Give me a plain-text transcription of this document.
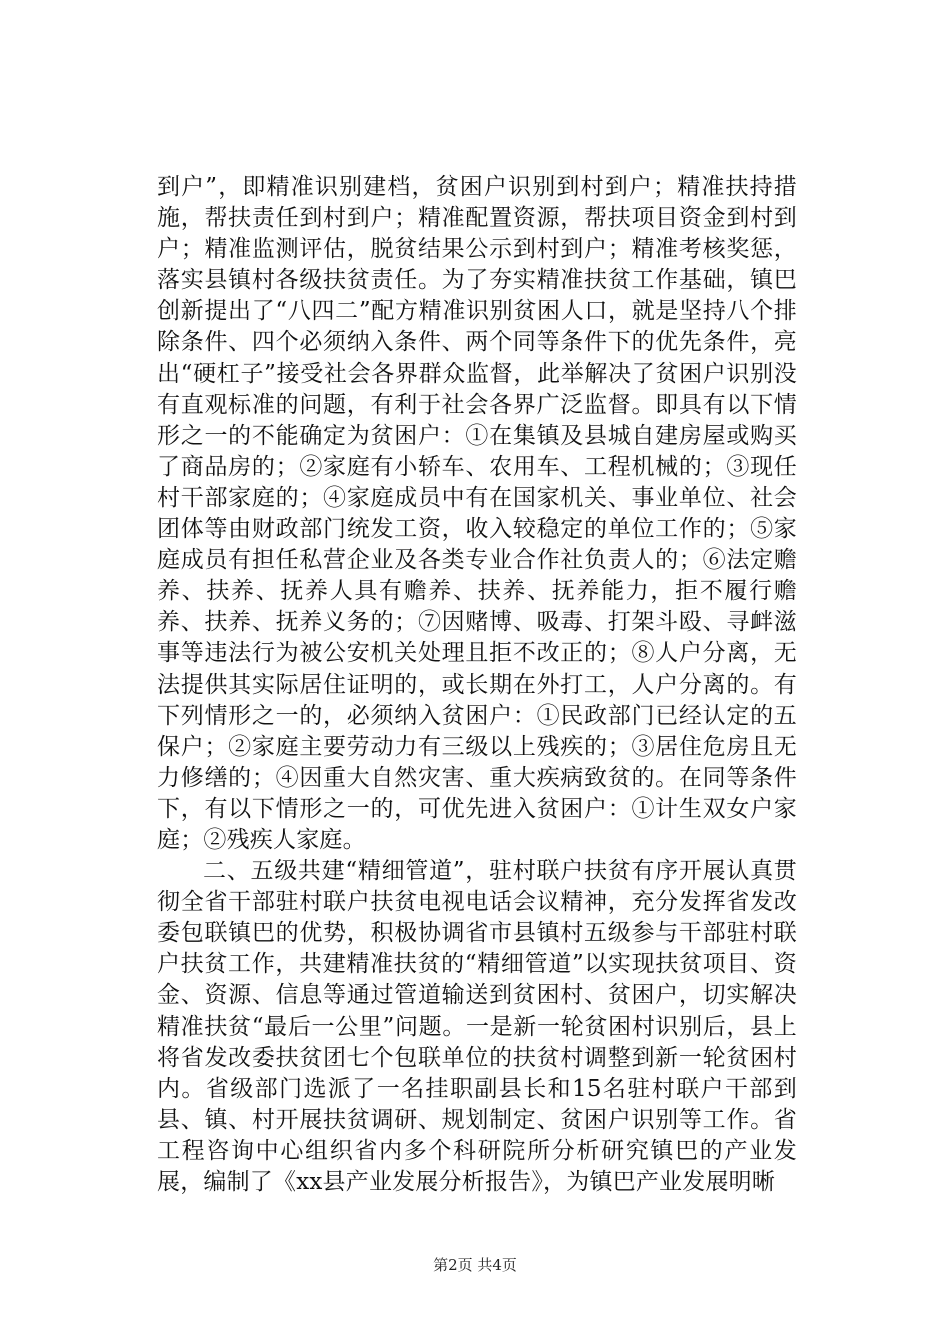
到户”，即精准识别建档，贫困户识别到村到户；精准扶持措施，帮扶责任到村到户；精准配置资源，帮扶项目资金到村到户；精准监测评估，脱贫结果公示到村到户；精准考核奖惩，落实县镇村各级扶贫责任。为了夯实精准扶贫工作基础，镇巴创新提出了“八四二”配方精准识别贫困人口，就是坚持八个排除条件、四个必须纳入条件、两个同等条件下的优先条件，亮出“硬杠子”接受社会各界群众监督，此举解决了贫困户识别没有直观标准的问题，有利于社会各界广泛监督。即具有以下情形之一的不能确定为贫困户：①在集镇及县城自建房屋或购买了商品房的；②家庭有小轿车、农用车、工程机械的；③现任村干部家庭的；④家庭成员中有在国家机关、事业单位、社会团体等由财政部门统发工资，收入较稳定的单位工作的；⑤家庭成员有担任私营企业及各类专业合作社负责人的；⑥法定赡养、扶养、抚养人具有赡养、扶养、抚养能力，拒不履行赡养、扶养、抚养义务的；⑦因赌博、吸毒、打架斗殴、寻衅滋事等违法行为被公安机关处理且拒不改正的；⑧人户分离，无法提供其实际居住证明的，或长期在外打工，人户分离的。有下列情形之一的，必须纳入贫困户：①民政部门已经认定的五保户；②家庭主要劳动力有三级以上残疾的；③居住危房且无力修缮的；④因重大自然灾害、重大疾病致贫的。在同等条件下，有以下情形之一的，可优先进入贫困户：①计生双女户家庭；②残疾人家庭。

二、五级共建“精细管道”，驻村联户扶贫有序开展认真贯彻全省干部驻村联户扶贫电视电话会议精神，充分发挥省发改委包联镇巴的优势，积极协调省市县镇村五级参与干部驻村联户扶贫工作，共建精准扶贫的“精细管道”以实现扶贫项目、资金、资源、信息等通过管道输送到贫困村、贫困户，切实解决精准扶贫“最后一公里”问题。一是新一轮贫困村识别后，县上将省发改委扶贫团七个包联单位的扶贫村调整到新一轮贫困村内。省级部门选派了一名挂职副县长和15名驻村联户干部到县、镇、村开展扶贫调研、规划制定、贫困户识别等工作。省工程咨询中心组织省内多个科研院所分析研究镇巴的产业发展，编制了《xx县产业发展分析报告》，为镇巴产业发展明晰

第2页 共4页
